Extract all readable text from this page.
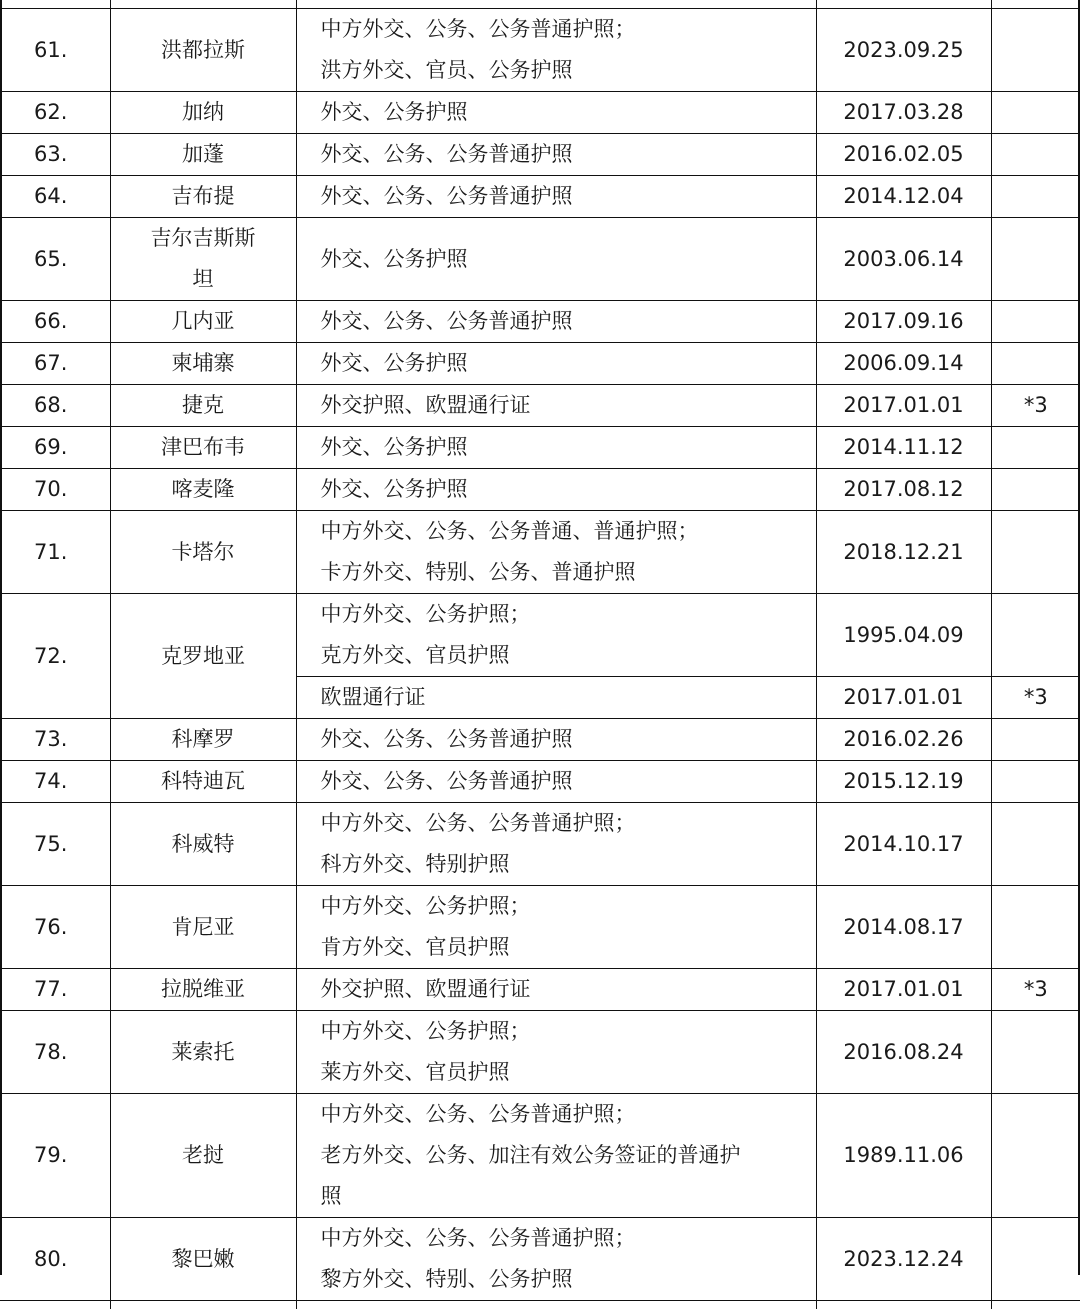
61.	洪都拉斯	中方外交、公务、公务普通护照；
洪方外交、官员、公务护照	2023.09.25	
62.	加纳	外交、公务护照	2017.03.28	
63.	加蓬	外交、公务、公务普通护照	2016.02.05	
64.	吉布提	外交、公务、公务普通护照	2014.12.04	
65.	吉尔吉斯斯
坦	外交、公务护照	2003.06.14	
66.	几内亚	外交、公务、公务普通护照	2017.09.16	
67.	柬埔寨	外交、公务护照	2006.09.14	
68.	捷克	外交护照、欧盟通行证	2017.01.01	*3
69.	津巴布韦	外交、公务护照	2014.11.12	
70.	喀麦隆	外交、公务护照	2017.08.12	
71.	卡塔尔	中方外交、公务、公务普通、普通护照；
卡方外交、特别、公务、普通护照	2018.12.21	
72.	克罗地亚	中方外交、公务护照；
克方外交、官员护照	1995.04.09	

		欧盟通行证	2017.01.01	*3
73.	科摩罗	外交、公务、公务普通护照	2016.02.26	
74.	科特迪瓦	外交、公务、公务普通护照	2015.12.19	
75.	科威特	中方外交、公务、公务普通护照；
科方外交、特别护照	2014.10.17	
76.	肯尼亚	中方外交、公务护照；
肯方外交、官员护照	2014.08.17	
77.	拉脱维亚	外交护照、欧盟通行证	2017.01.01	*3
78.	莱索托	中方外交、公务护照；
莱方外交、官员护照	2016.08.24	
79.	老挝	中方外交、公务、公务普通护照；
老方外交、公务、加注有效公务签证的普通护
照	1989.11.06	
80.	黎巴嫩	中方外交、公务、公务普通护照；
黎方外交、特别、公务护照	2023.12.24	
